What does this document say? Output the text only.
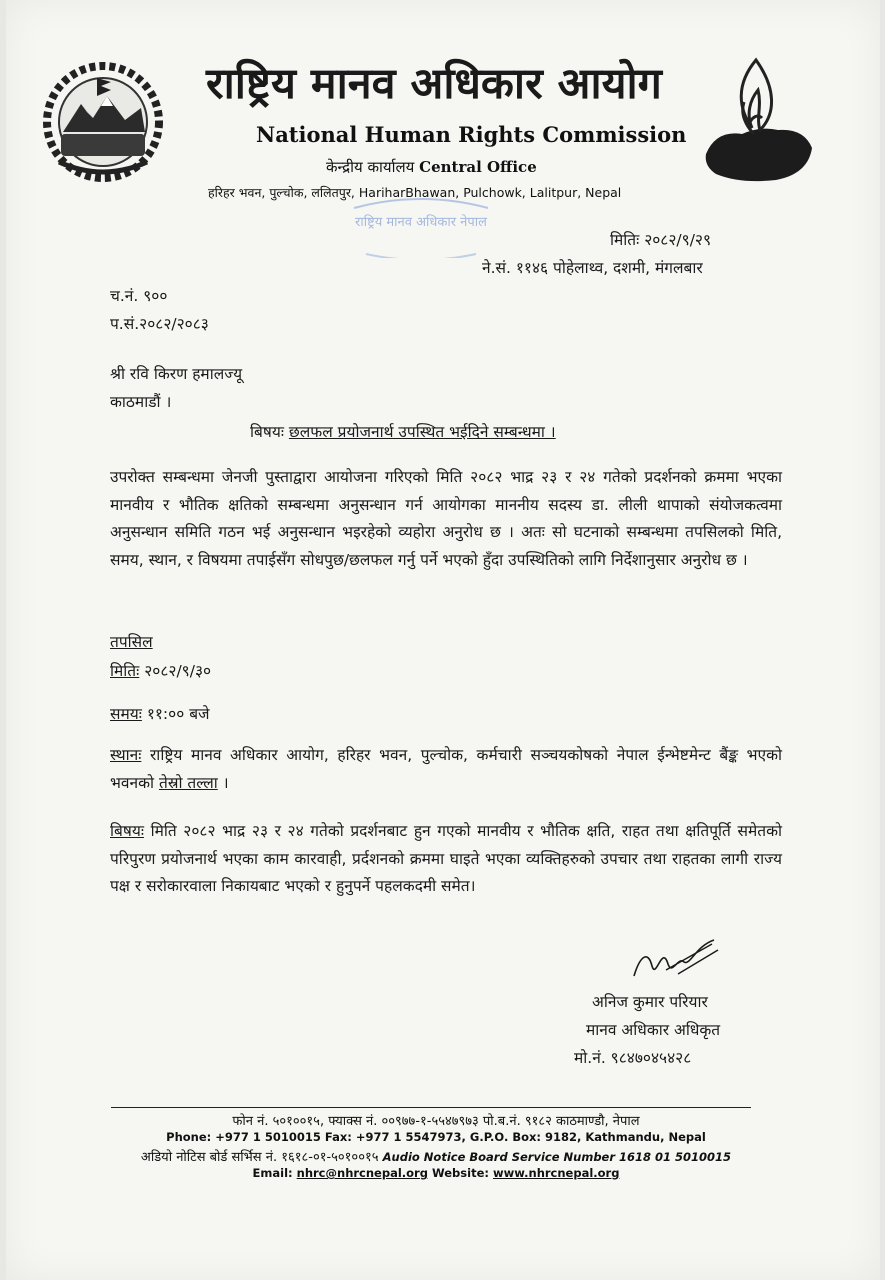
राष्ट्रिय मानव अधिकार आयोग
National Human Rights Commission
केन्द्रीय कार्यालय Central Office
हरिहर भवन, पुल्चोक, ललितपुर, HariharBhawan, Pulchowk, Lalitpur, Nepal
राष्ट्रिय मानव अधिकार नेपाल
मितिः २०८२/९/२९
ने.सं. ११४६ पोहेलाथ्व, दशमी, मंगलबार
च.नं. ९००
प.सं.२०८२/२०८३
श्री रवि किरण हमालज्यू
काठमाडौं ।
बिषयः छलफल प्रयोजनार्थ उपस्थित भईदिने सम्बन्धमा ।
उपरोक्त सम्बन्धमा जेनजी पुस्ताद्वारा आयोजना गरिएको मिति २०८२ भाद्र २३ र २४ गतेको प्रदर्शनको क्रममा भएका मानवीय र भौतिक क्षतिको सम्बन्धमा अनुसन्धान गर्न आयोगका माननीय सदस्य डा. लीली थापाको संयोजकत्वमा अनुसन्धान समिति गठन भई अनुसन्धान भइरहेको व्यहोरा अनुरोध छ । अतः सो घटनाको सम्बन्धमा तपसिलको मिति, समय, स्थान, र विषयमा तपाईसँग सोधपुछ/छलफल गर्नु पर्ने भएको हुँदा उपस्थितिको लागि निर्देशानुसार अनुरोध छ ।
तपसिल
मितिः २०८२/९/३०
समयः ११:०० बजे
स्थानः राष्ट्रिय मानव अधिकार आयोग, हरिहर भवन, पुल्चोक, कर्मचारी सञ्चयकोषको नेपाल ईन्भेष्टमेन्ट बैंङ्क भएको भवनको तेस्रो तल्ला ।
बिषयः मिति २०८२ भाद्र २३ र २४ गतेको प्रदर्शनबाट हुन गएको मानवीय र भौतिक क्षति, राहत तथा क्षतिपूर्ति समेतको परिपुरण प्रयोजनार्थ भएका काम कारवाही, प्रर्दशनको क्रममा घाइते भएका व्यक्तिहरुको उपचार तथा राहतका लागी राज्य पक्ष र सरोकारवाला निकायबाट भएको र हुनुपर्ने पहलकदमी समेत।
अनिज कुमार परियार
मानव अधिकार अधिकृत
मो.नं. ९८४७०४५४२८
फोन नं. ५०१००१५, फ्याक्स नं. ००९७७-१-५५४७९७३ पो.ब.नं. ९१८२ काठमाण्डौ, नेपाल
Phone: +977 1 5010015 Fax: +977 1 5547973, G.P.O. Box: 9182, Kathmandu, Nepal
अडियो नोटिस बोर्ड सर्भिस नं. १६१८-०१-५०१००१५ Audio Notice Board Service Number 1618 01 5010015
Email: nhrc@nhrcnepal.org Website: www.nhrcnepal.org
